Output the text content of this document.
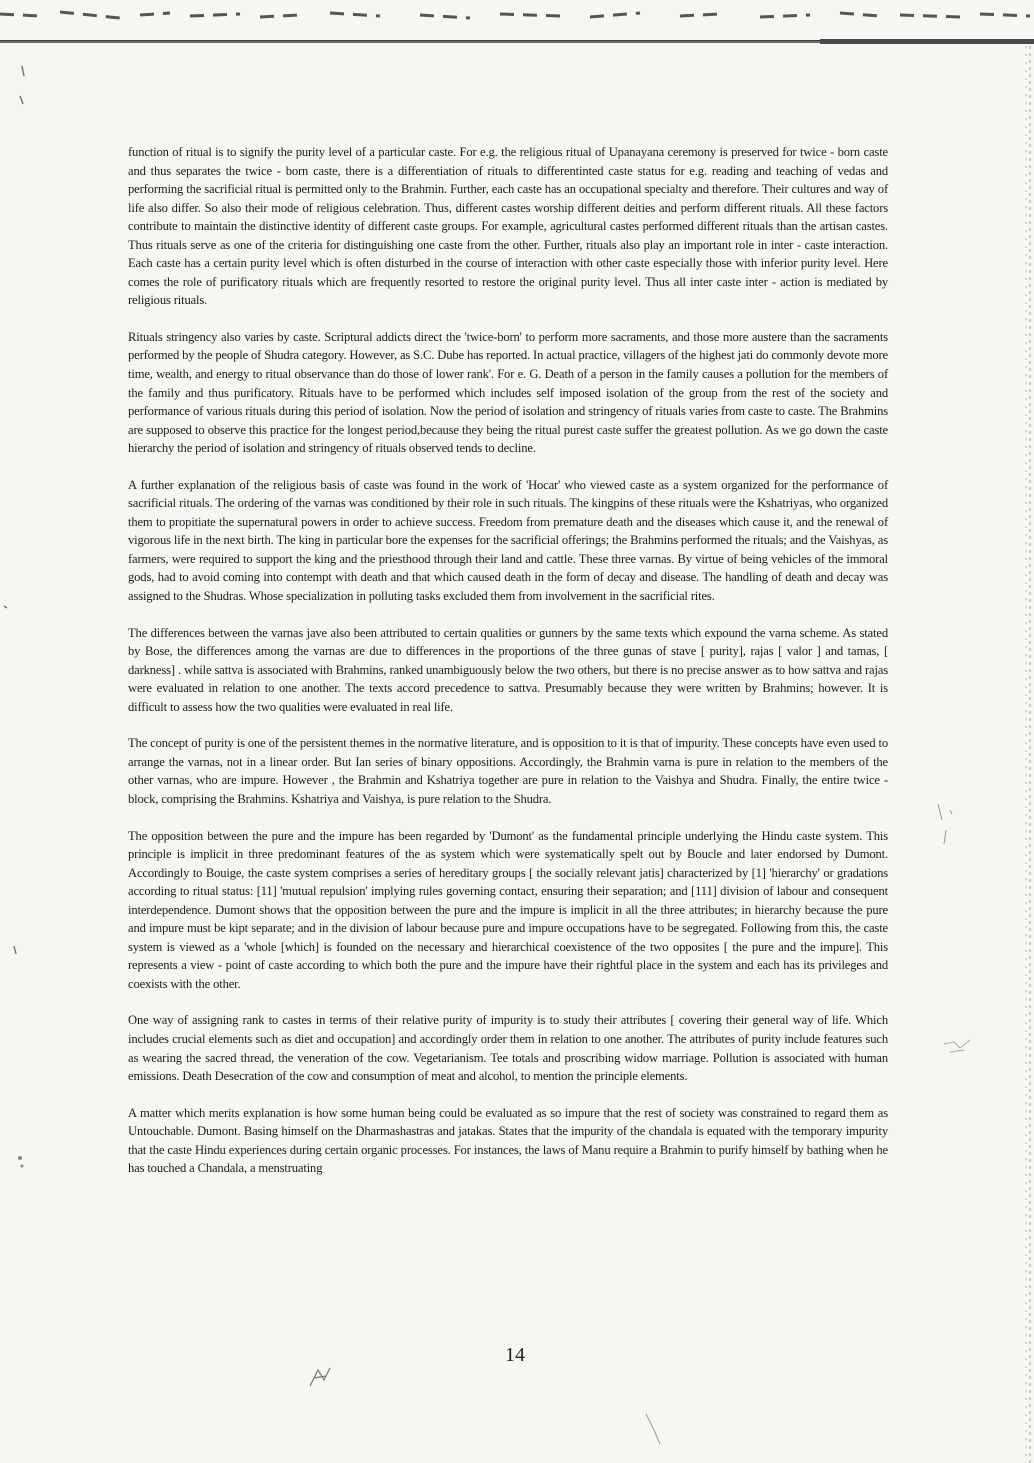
function of ritual is to signify the purity level of a particular caste. For e.g. the religious ritual of Upanayana ceremony is preserved for twice - born caste and thus separates the twice - born caste, there is a differentiation of rituals to differentinted caste status for e.g. reading and teaching of vedas and performing the sacrificial ritual is permitted only to the Brahmin. Further, each caste has an occupational specialty and therefore. Their cultures and way of life also differ. So also their mode of religious celebration. Thus, different castes worship different deities and perform different rituals. All these factors contribute to maintain the distinctive identity of different caste groups. For example, agricultural castes performed different rituals than the artisan castes. Thus rituals serve as one of the criteria for distinguishing one caste from the other. Further, rituals also play an important role in inter - caste interaction. Each caste has a certain purity level which is often disturbed in the course of interaction with other caste especially those with inferior purity level. Here comes the role of purificatory rituals which are frequently resorted to restore the original purity level. Thus all inter caste inter - action is mediated by religious rituals.

Rituals stringency also varies by caste. Scriptural addicts direct the 'twice-born' to perform more sacraments, and those more austere than the sacraments performed by the people of Shudra category. However, as S.C. Dube has reported. In actual practice, villagers of the highest jati do commonly devote more time, wealth, and energy to ritual observance than do those of lower rank'. For e. G. Death of a person in the family causes a pollution for the members of the family and thus purificatory. Rituals have to be performed which includes self imposed isolation of the group from the rest of the society and performance of various rituals during this period of isolation. Now the period of isolation and stringency of rituals varies from caste to caste. The Brahmins are supposed to observe this practice for the longest period,because they being the ritual purest caste suffer the greatest pollution. As we go down the caste hierarchy the period of isolation and stringency of rituals observed tends to decline.

A further explanation of the religious basis of caste was found in the work of 'Hocar' who viewed caste as a system organized for the performance of sacrificial rituals. The ordering of the varnas was conditioned by their role in such rituals. The kingpins of these rituals were the Kshatriyas, who organized them to propitiate the supernatural powers in order to achieve success. Freedom from premature death and the diseases which cause it, and the renewal of vigorous life in the next birth. The king in particular bore the expenses for the sacrificial offerings; the Brahmins performed the rituals; and the Vaishyas, as farmers, were required to support the king and the priesthood through their land and cattle. These three varnas. By virtue of being vehicles of the immoral gods, had to avoid coming into contempt with death and that which caused death in the form of decay and disease. The handling of death and decay was assigned to the Shudras. Whose specialization in polluting tasks excluded them from involvement in the sacrificial rites.

The differences between the varnas jave also been attributed to certain qualities or gunners by the same texts which expound the varna scheme. As stated by Bose, the differences among the varnas are due to differences in the proportions of the three gunas of stave [ purity], rajas [ valor ] and tamas, [ darkness] . while sattva is associated with Brahmins, ranked unambiguously below the two others, but there is no precise answer as to how sattva and rajas were evaluated in relation to one another. The texts accord precedence to sattva. Presumably because they were written by Brahmins; however. It is difficult to assess how the two qualities were evaluated in real life.

The concept of purity is one of the persistent themes in the normative literature, and is opposition to it is that of impurity. These concepts have even used to arrange the varnas, not in a linear order. But Ian series of binary oppositions. Accordingly, the Brahmin varna is pure in relation to the members of the other varnas, who are impure. However , the Brahmin and Kshatriya together are pure in relation to the Vaishya and Shudra. Finally, the entire twice - block, comprising the Brahmins. Kshatriya and Vaishya, is pure relation to the Shudra.

The opposition between the pure and the impure has been regarded by 'Dumont' as the fundamental principle underlying the Hindu caste system. This principle is implicit in three predominant features of the as system which were systematically spelt out by Boucle and later endorsed by Dumont. Accordingly to Bouige, the caste system comprises a series of hereditary groups [ the socially relevant jatis] characterized by [1] 'hierarchy' or gradations according to ritual status: [11] 'mutual repulsion' implying rules governing contact, ensuring their separation; and [111] division of labour and consequent interdependence. Dumont shows that the opposition between the pure and the impure is implicit in all the three attributes; in hierarchy because the pure and impure must be kipt separate; and in the division of labour because pure and impure occupations have to be segregated. Following from this, the caste system is viewed as a 'whole [which] is founded on the necessary and hierarchical coexistence of the two opposites [ the pure and the impure]. This represents a view - point of caste according to which both the pure and the impure have their rightful place in the system and each has its privileges and coexists with the other.

One way of assigning rank to castes in terms of their relative purity of impurity is to study their attributes [ covering their general way of life. Which includes crucial elements such as diet and occupation] and accordingly order them in relation to one another. The attributes of purity include features such as wearing the sacred thread, the veneration of the cow. Vegetarianism. Tee totals and proscribing widow marriage. Pollution is associated with human emissions. Death Desecration of the cow and consumption of meat and alcohol, to mention the principle elements.

A matter which merits explanation is how some human being could be evaluated as so impure that the rest of society was constrained to regard them as Untouchable. Dumont. Basing himself on the Dharmashastras and jatakas. States that the impurity of the chandala is equated with the temporary impurity that the caste Hindu experiences during certain organic processes. For instances, the laws of Manu require a Brahmin to purify himself by bathing when he has touched a Chandala, a menstruating

14
